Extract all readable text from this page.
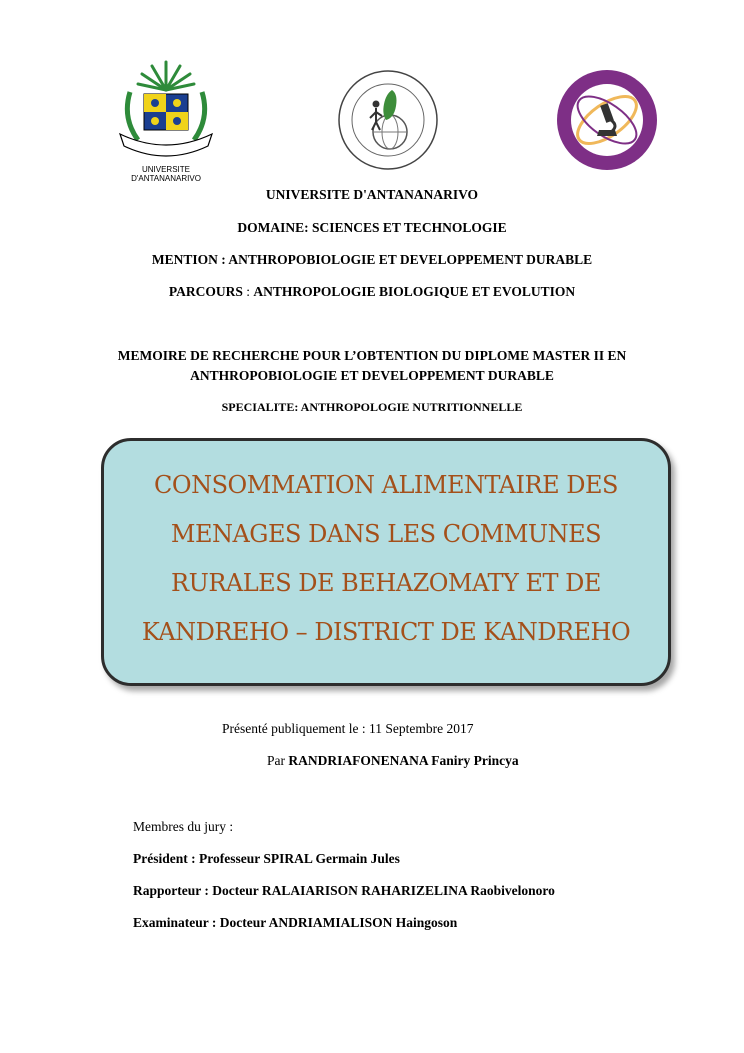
UNIVERSITE D'ANTANANARIVO
UNIVERSITE D'ANTANANARIVO
DOMAINE: SCIENCES ET TECHNOLOGIE
MENTION : ANTHROPOBIOLOGIE ET DEVELOPPEMENT DURABLE
PARCOURS : ANTHROPOLOGIE BIOLOGIQUE ET EVOLUTION
MEMOIRE DE RECHERCHE POUR L’OBTENTION DU DIPLOME MASTER II EN
ANTHROPOBIOLOGIE ET DEVELOPPEMENT DURABLE
SPECIALITE: ANTHROPOLOGIE NUTRITIONNELLE
CONSOMMATION ALIMENTAIRE DES
MENAGES DANS LES COMMUNES
RURALES DE BEHAZOMATY ET DE
KANDREHO – DISTRICT DE KANDREHO
Présenté publiquement le : 11 Septembre 2017
Par RANDRIAFONENANA Faniry Princya
Membres du jury :
Président : Professeur SPIRAL Germain Jules
Rapporteur : Docteur RALAIARISON RAHARIZELINA Raobivelonoro
Examinateur : Docteur ANDRIAMIALISON Haingoson
